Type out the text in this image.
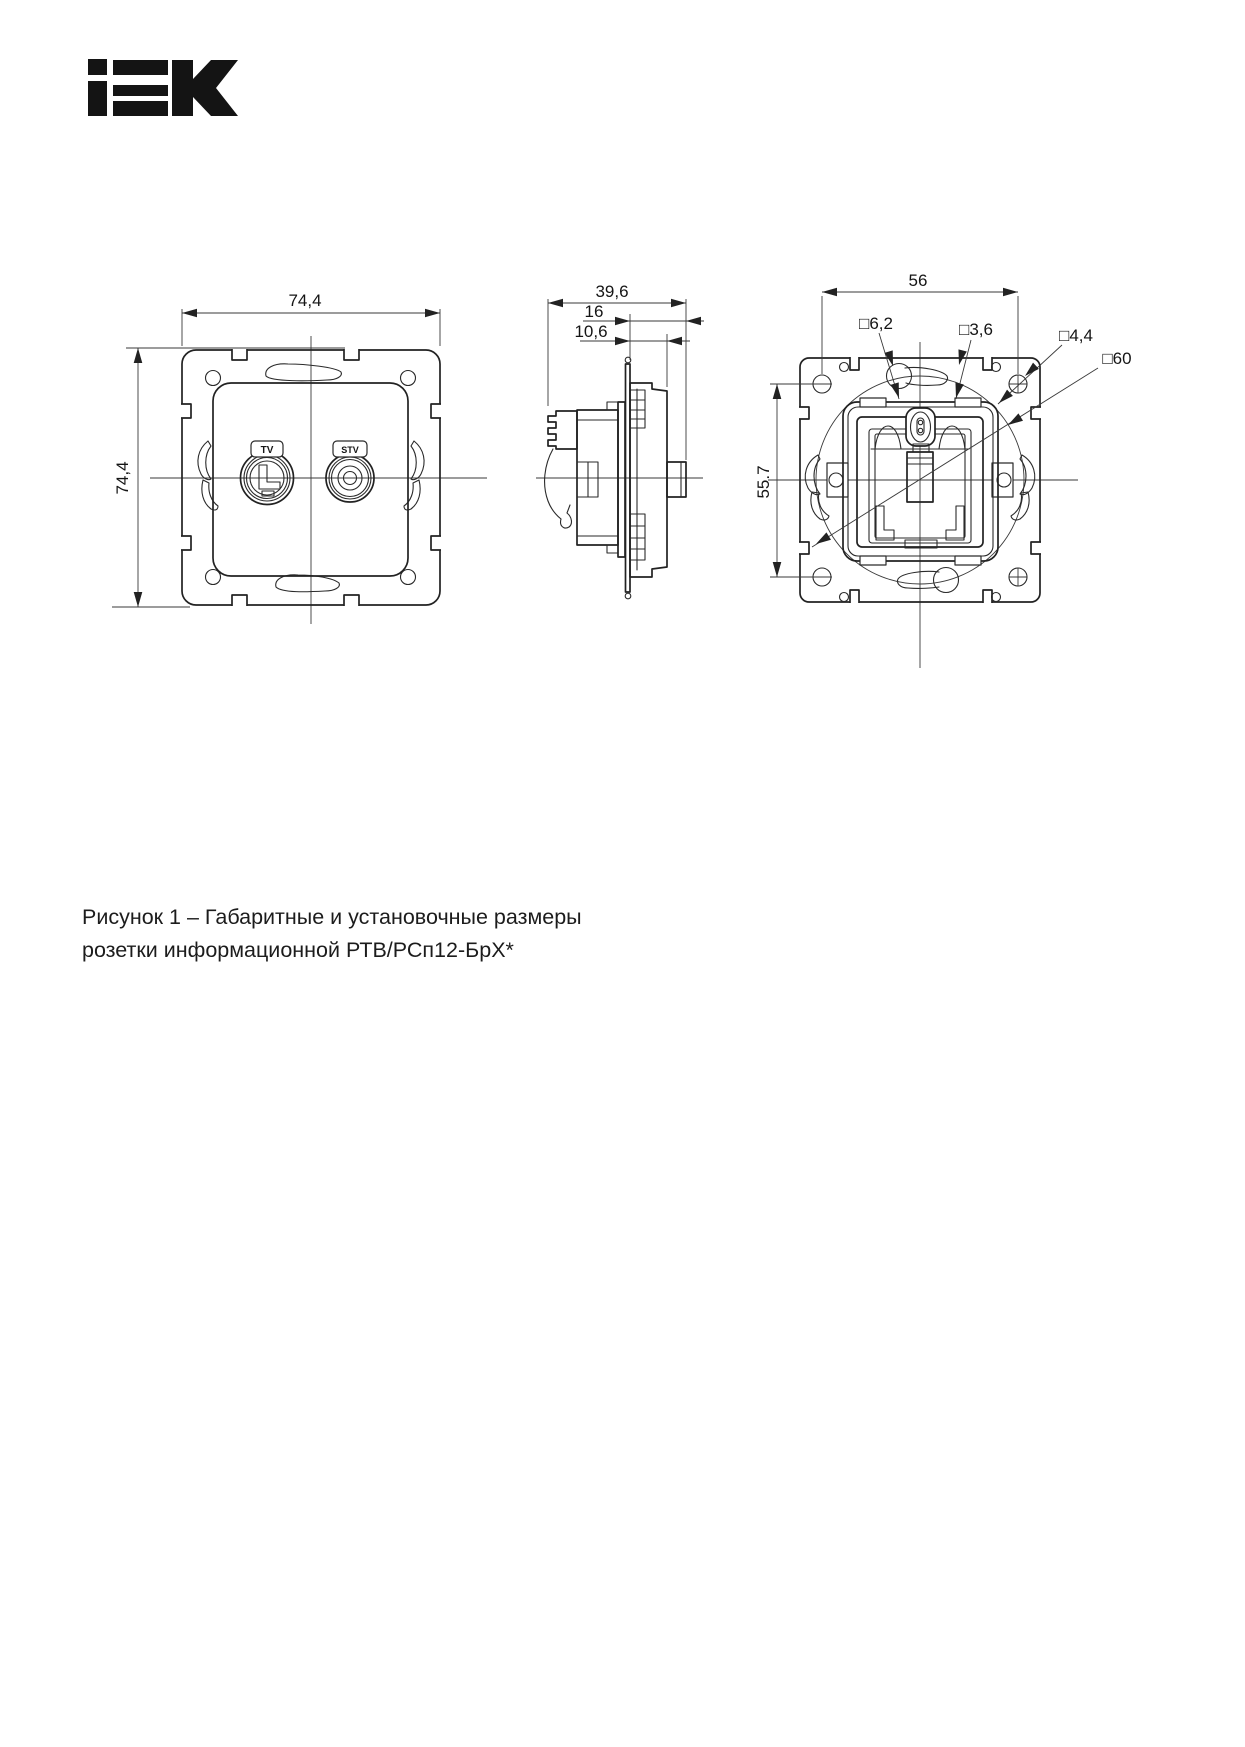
TV	STV
74,4
74,4
39,6
16
10,6
56
55.7
□6,2	□3,6	□4,4
□60
Рисунок 1 – Габаритные и установочные размеры
розетки информационной РТВ/РСп12-БрХ*
